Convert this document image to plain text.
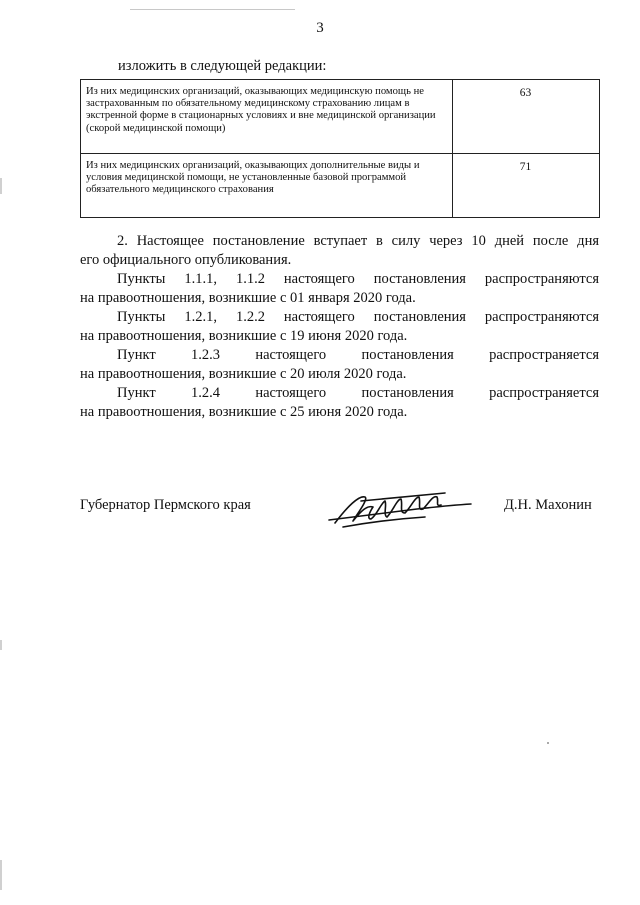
3
изложить в следующей редакции:
Из них медицинских организаций, оказывающих медицинскую помощь не застрахованным по обязательному медицинскому страхованию лицам в экстренной форме в стационарных условиях и вне медицинской организации (скорой медицинской помощи)	63
Из них медицинских организаций, оказывающих дополнительные виды и условия медицинской помощи, не установленные базовой программой обязательного медицинского страхования	71
2. Настоящее постановление вступает в силу через 10 дней после дня
его официального опубликования.
Пункты 1.1.1, 1.1.2 настоящего постановления распространяются
на правоотношения, возникшие с 01 января 2020 года.
Пункты 1.2.1, 1.2.2 настоящего постановления распространяются
на правоотношения, возникшие с 19 июня 2020 года.
Пункт 1.2.3 настоящего постановления распространяется
на правоотношения, возникшие с 20 июля 2020 года.
Пункт 1.2.4 настоящего постановления распространяется
на правоотношения, возникшие с 25 июня 2020 года.
Губернатор Пермского края	Д.Н. Махонин
